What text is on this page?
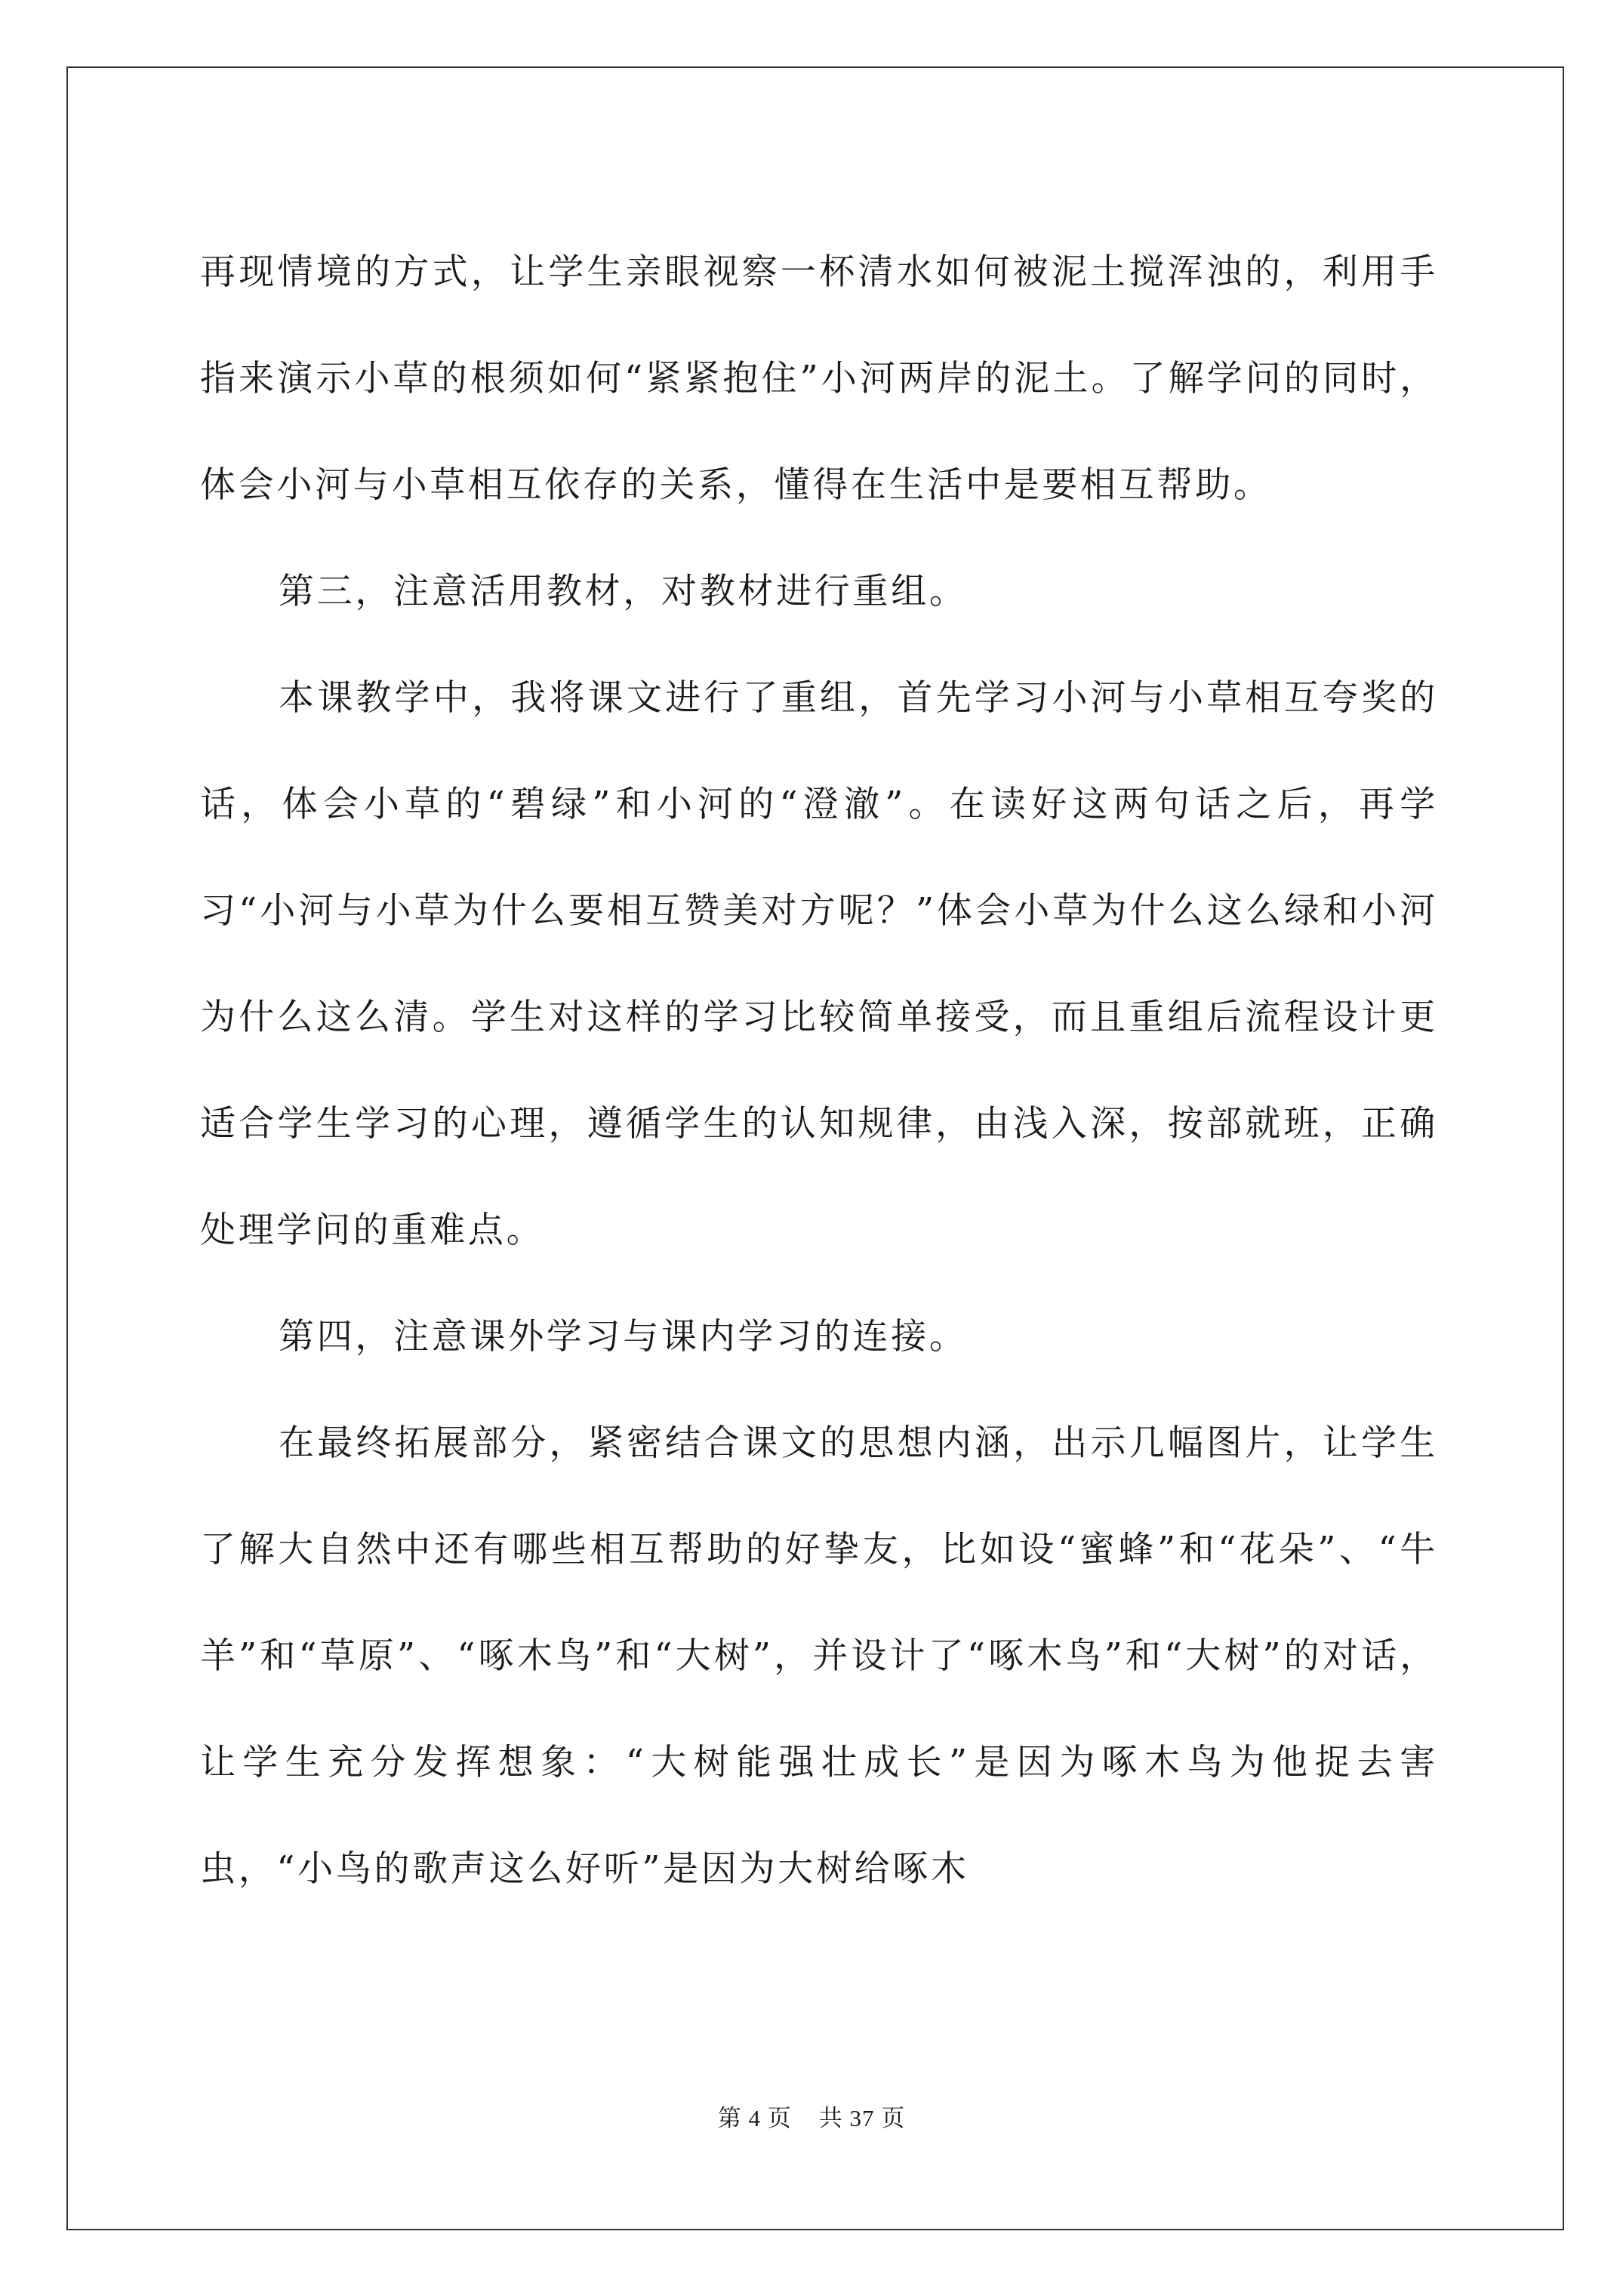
再现情境的方式，让学生亲眼视察一杯清水如何被泥土搅浑浊的，利用手指来演示小草的根须如何“紧紧抱住”小河两岸的泥土。了解学问的同时，体会小河与小草相互依存的关系，懂得在生活中是要相互帮助。

第三，注意活用教材，对教材进行重组。

本课教学中，我将课文进行了重组，首先学习小河与小草相互夸奖的话，体会小草的“碧绿”和小河的“澄澈”。在读好这两句话之后，再学习“小河与小草为什么要相互赞美对方呢？”体会小草为什么这么绿和小河为什么这么清。学生对这样的学习比较简单接受，而且重组后流程设计更适合学生学习的心理，遵循学生的认知规律，由浅入深，按部就班，正确处理学问的重难点。

第四，注意课外学习与课内学习的连接。

在最终拓展部分，紧密结合课文的思想内涵，出示几幅图片，让学生了解大自然中还有哪些相互帮助的好挚友，比如设“蜜蜂”和“花朵”、“牛羊”和“草原”、“啄木鸟”和“大树”，并设计了“啄木鸟”和“大树”的对话，让学生充分发挥想象：“大树能强壮成长”是因为啄木鸟为他捉去害虫，“小鸟的歌声这么好听”是因为大树给啄木

第 4 页 共 37 页
